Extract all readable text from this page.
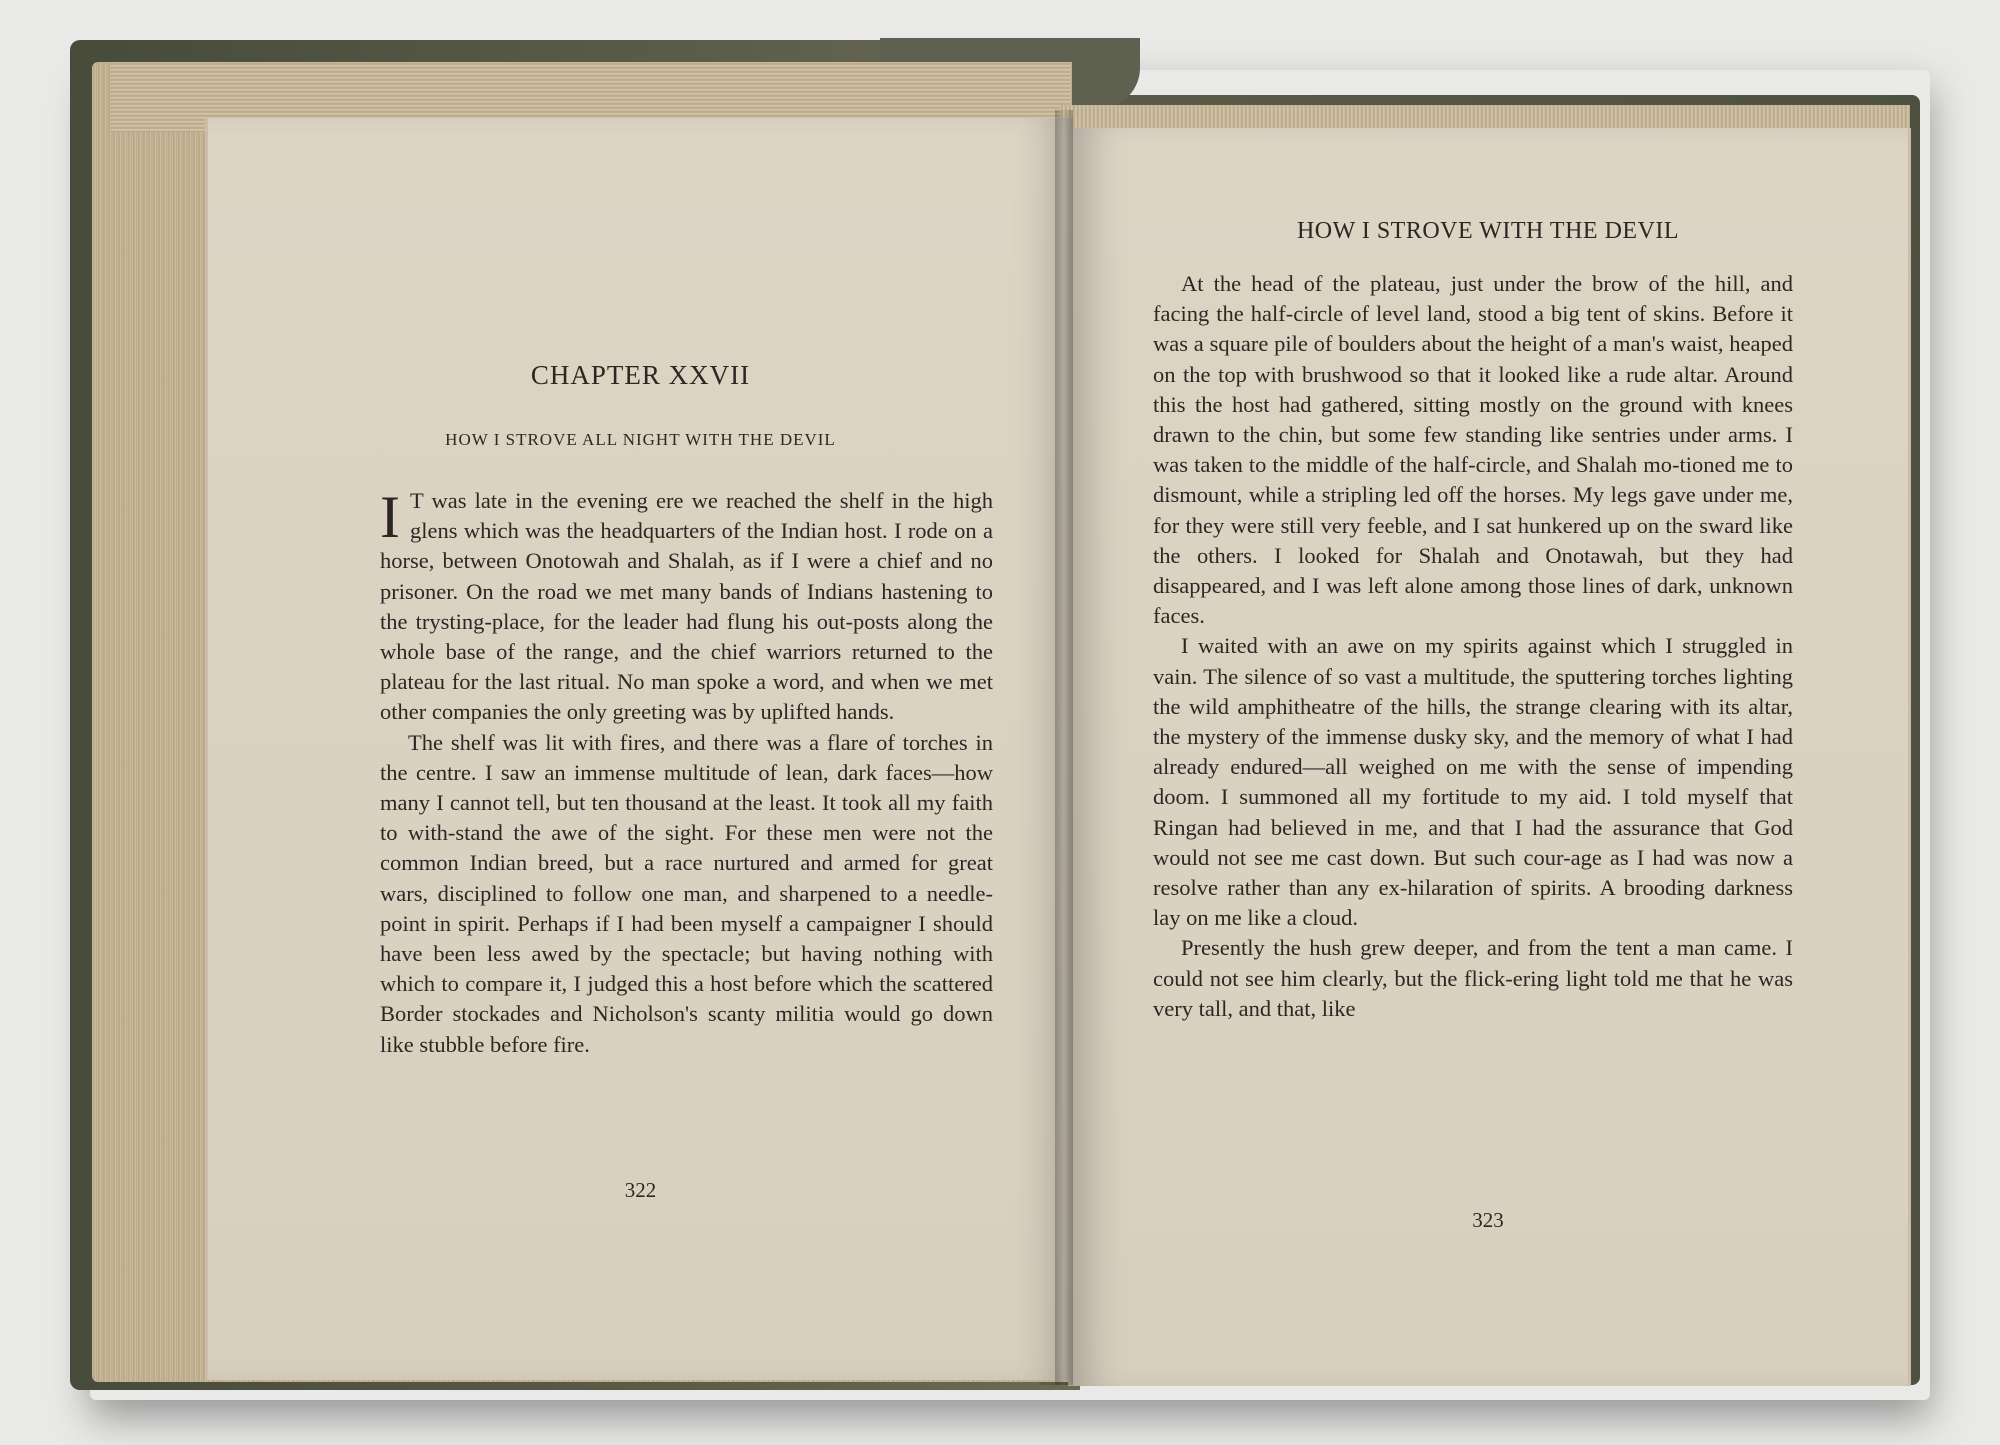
CHAPTER XXVII
HOW I STROVE ALL NIGHT WITH THE DEVIL

I T was late in the evening ere we reached the shelf in the high glens which was the headquarters of the Indian host. I rode on a horse, between Onotowah and Shalah, as if I were a chief and no prisoner. On the road we met many bands of Indians hastening to the trysting-place, for the leader had flung his out-posts along the whole base of the range, and the chief warriors returned to the plateau for the last ritual. No man spoke a word, and when we met other companies the only greeting was by uplifted hands.

The shelf was lit with fires, and there was a flare of torches in the centre. I saw an immense multitude of lean, dark faces—how many I cannot tell, but ten thousand at the least. It took all my faith to with-stand the awe of the sight. For these men were not the common Indian breed, but a race nurtured and armed for great wars, disciplined to follow one man, and sharpened to a needle-point in spirit. Perhaps if I had been myself a campaigner I should have been less awed by the spectacle; but having nothing with which to compare it, I judged this a host before which the scattered Border stockades and Nicholson's scanty militia would go down like stubble before fire.

322
HOW I STROVE WITH THE DEVIL

At the head of the plateau, just under the brow of the hill, and facing the half-circle of level land, stood a big tent of skins. Before it was a square pile of boulders about the height of a man's waist, heaped on the top with brushwood so that it looked like a rude altar. Around this the host had gathered, sitting mostly on the ground with knees drawn to the chin, but some few standing like sentries under arms. I was taken to the middle of the half-circle, and Shalah mo-tioned me to dismount, while a stripling led off the horses. My legs gave under me, for they were still very feeble, and I sat hunkered up on the sward like the others. I looked for Shalah and Onotawah, but they had disappeared, and I was left alone among those lines of dark, unknown faces.

I waited with an awe on my spirits against which I struggled in vain. The silence of so vast a multitude, the sputtering torches lighting the wild amphitheatre of the hills, the strange clearing with its altar, the mystery of the immense dusky sky, and the memory of what I had already endured—all weighed on me with the sense of impending doom. I summoned all my fortitude to my aid. I told myself that Ringan had believed in me, and that I had the assurance that God would not see me cast down. But such cour-age as I had was now a resolve rather than any ex-hilaration of spirits. A brooding darkness lay on me like a cloud.

Presently the hush grew deeper, and from the tent a man came. I could not see him clearly, but the flick-ering light told me that he was very tall, and that, like

323
